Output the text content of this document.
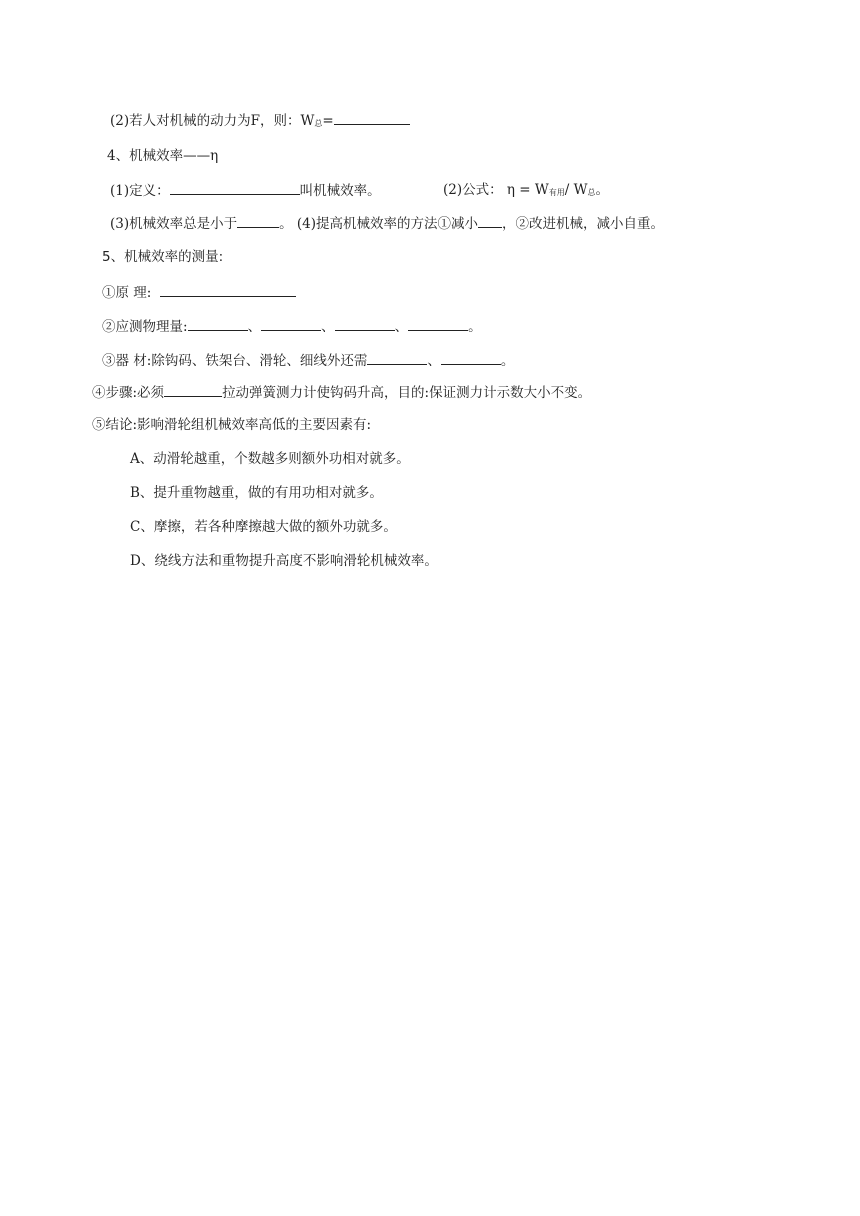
(2)若人对机械的动力为F，则：W总=
4、机械效率——η
(1)定义：	叫机械效率。	(2)公式： η = W有用/ W总。
(3)机械效率总是小于	。 (4)提高机械效率的方法①减小 ，②改进机械，减小自重。
5、机械效率的测量:
①原 理:
②应测物理量:	、	、	、	。
③器 材:除钩码、铁架台、滑轮、细线外还需	、	。
④步骤:必须	拉动弹簧测力计使钩码升高，目的:保证测力计示数大小不变。
⑤结论:影响滑轮组机械效率高低的主要因素有:
A、动滑轮越重，个数越多则额外功相对就多。
B、提升重物越重，做的有用功相对就多。
C、摩擦，若各种摩擦越大做的额外功就多。
D、绕线方法和重物提升高度不影响滑轮机械效率。
